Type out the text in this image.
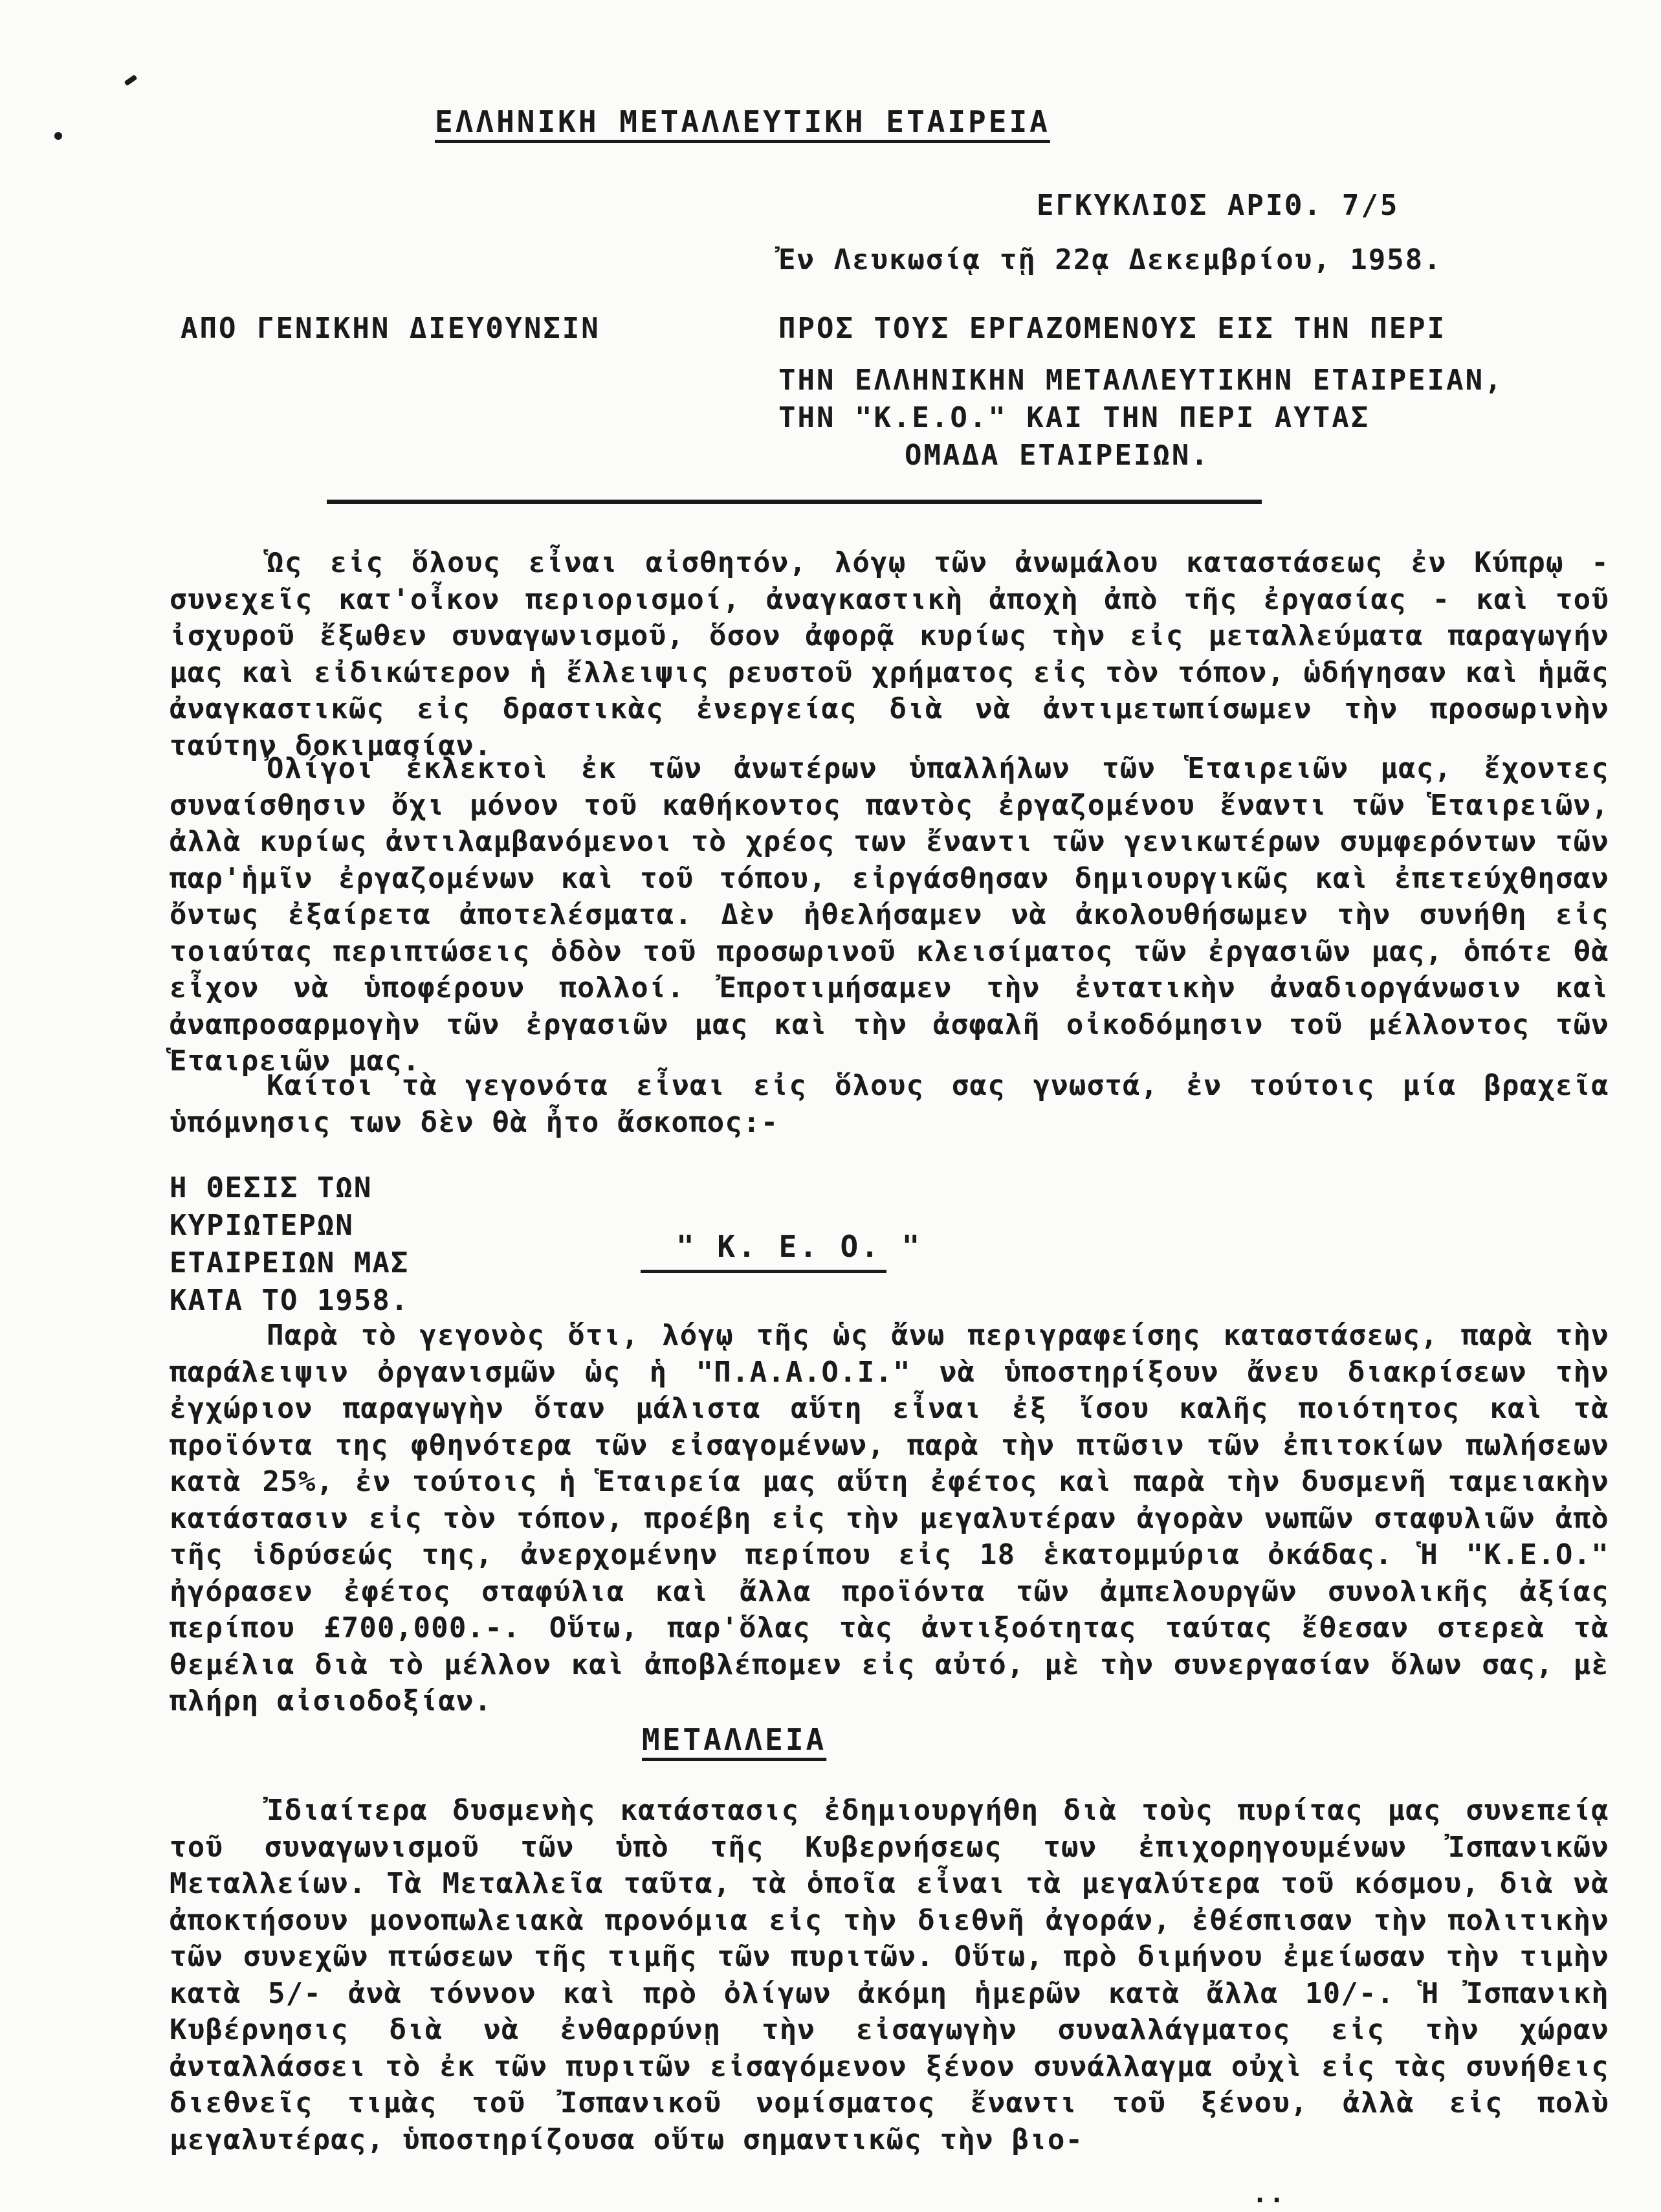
ΕΛΛΗΝΙΚΗ ΜΕΤΑΛΛΕΥΤΙΚΗ ΕΤΑΙΡΕΙΑ
ΕΓΚΥΚΛΙΟΣ ΑΡΙΘ. 7/5
Ἐν Λευκωσίᾳ τῇ 22ᾳ Δεκεμβρίου, 1958.
ΑΠΟ ΓΕΝΙΚΗΝ ΔΙΕΥΘΥΝΣΙΝ	ΠΡΟΣ ΤΟΥΣ ΕΡΓΑΖΟΜΕΝΟΥΣ ΕΙΣ ΤΗΝ ΠΕΡΙ
ΤΗΝ ΕΛΛΗΝΙΚΗΝ ΜΕΤΑΛΛΕΥΤΙΚΗΝ ΕΤΑΙΡΕΙΑΝ,
ΤΗΝ "Κ.Ε.Ο." ΚΑΙ ΤΗΝ ΠΕΡΙ ΑΥΤΑΣ
ΟΜΑΔΑ ΕΤΑΙΡΕΙΩΝ.
Ὡς εἰς ὅλους εἶναι αἰσθητόν, λόγῳ τῶν ἀνωμάλου καταστάσεως ἐν Κύπρῳ - συνεχεῖς κατ'οἶκον περιορισμοί, ἀναγκαστικὴ ἀποχὴ ἀπὸ τῆς ἐργασίας - καὶ τοῦ ἰσχυροῦ ἔξωθεν συναγωνισμοῦ, ὅσον ἀφορᾷ κυρίως τὴν εἰς μεταλλεύματα παραγωγήν μας καὶ εἰδικώτερον ἡ ἔλλειψις ρευστοῦ χρήματος εἰς τὸν τόπον, ὡδήγησαν καὶ ἡμᾶς ἀναγκαστικῶς εἰς δραστικὰς ἐνεργείας διὰ νὰ ἀντιμετωπίσωμεν τὴν προσωρινὴν ταύτην δοκιμασίαν.
Ὀλίγοι ἐκλεκτοὶ ἐκ τῶν ἀνωτέρων ὑπαλλήλων τῶν Ἑταιρειῶν μας, ἔχοντες συναίσθησιν ὄχι μόνον τοῦ καθήκοντος παντὸς ἐργαζομένου ἔναντι τῶν Ἑταιρειῶν, ἀλλὰ κυρίως ἀντιλαμβανόμενοι τὸ χρέος των ἔναντι τῶν γενικωτέρων συμφερόντων τῶν παρ'ἡμῖν ἐργαζομένων καὶ τοῦ τόπου, εἰργάσθησαν δημιουργικῶς καὶ ἐπετεύχθησαν ὄντως ἐξαίρετα ἀποτελέσματα. Δὲν ἠθελήσαμεν νὰ ἀκολουθήσωμεν τὴν συνήθη εἰς τοιαύτας περιπτώσεις ὁδὸν τοῦ προσωρινοῦ κλεισίματος τῶν ἐργασιῶν μας, ὁπότε θὰ εἶχον νὰ ὑποφέρουν πολλοί. Ἐπροτιμήσαμεν τὴν ἐντατικὴν ἀναδιοργάνωσιν καὶ ἀναπροσαρμογὴν τῶν ἐργασιῶν μας καὶ τὴν ἀσφαλῆ οἰκοδόμησιν τοῦ μέλλοντος τῶν Ἑταιρειῶν μας.
Καίτοι τὰ γεγονότα εἶναι εἰς ὅλους σας γνωστά, ἐν τούτοις μία βραχεῖα ὑπόμνησις των δὲν θὰ ἦτο ἄσκοπος:-
Η ΘΕΣΙΣ ΤΩΝ
ΚΥΡΙΩΤΕΡΩΝ
ΕΤΑΙΡΕΙΩΝ ΜΑΣ
ΚΑΤΑ ΤΟ 1958.
" Κ. Ε. Ο. "
Παρὰ τὸ γεγονὸς ὅτι, λόγῳ τῆς ὡς ἄνω περιγραφείσης καταστάσεως, παρὰ τὴν παράλειψιν ὀργανισμῶν ὡς ἡ "Π.Α.Α.Ο.Ι." νὰ ὑποστηρίξουν ἄνευ διακρίσεων τὴν ἐγχώριον παραγωγὴν ὅταν μάλιστα αὕτη εἶναι ἐξ ἴσου καλῆς ποιότητος καὶ τὰ προϊόντα της φθηνότερα τῶν εἰσαγομένων, παρὰ τὴν πτῶσιν τῶν ἐπιτοκίων πωλήσεων κατὰ 25%, ἐν τούτοις ἡ Ἑταιρεία μας αὕτη ἐφέτος καὶ παρὰ τὴν δυσμενῆ ταμειακὴν κατάστασιν εἰς τὸν τόπον, προέβη εἰς τὴν μεγαλυτέραν ἀγορὰν νωπῶν σταφυλιῶν ἀπὸ τῆς ἱδρύσεώς της, ἀνερχομένην περίπου εἰς 18 ἑκατομμύρια ὀκάδας. Ἡ "Κ.Ε.Ο." ἠγόρασεν ἐφέτος σταφύλια καὶ ἄλλα προϊόντα τῶν ἀμπελουργῶν συνολικῆς ἀξίας περίπου £700,000.-. Οὕτω, παρ'ὅλας τὰς ἀντιξοότητας ταύτας ἔθεσαν στερεὰ τὰ θεμέλια διὰ τὸ μέλλον καὶ ἀποβλέπομεν εἰς αὐτό, μὲ τὴν συνεργασίαν ὅλων σας, μὲ πλήρη αἰσιοδοξίαν.
ΜΕΤΑΛΛΕΙΑ
Ἰδιαίτερα δυσμενὴς κατάστασις ἐδημιουργήθη διὰ τοὺς πυρίτας μας συνεπείᾳ τοῦ συναγωνισμοῦ τῶν ὑπὸ τῆς Κυβερνήσεως των ἐπιχορηγουμένων Ἰσπανικῶν Μεταλλείων. Τὰ Μεταλλεῖα ταῦτα, τὰ ὁποῖα εἶναι τὰ μεγαλύτερα τοῦ κόσμου, διὰ νὰ ἀποκτήσουν μονοπωλειακὰ προνόμια εἰς τὴν διεθνῆ ἀγοράν, ἐθέσπισαν τὴν πολιτικὴν τῶν συνεχῶν πτώσεων τῆς τιμῆς τῶν πυριτῶν. Οὕτω, πρὸ διμήνου ἐμείωσαν τὴν τιμὴν κατὰ 5/- ἀνὰ τόννον καὶ πρὸ ὀλίγων ἀκόμη ἡμερῶν κατὰ ἄλλα 10/-. Ἡ Ἰσπανικὴ Κυβέρνησις διὰ νὰ ἐνθαρρύνῃ τὴν εἰσαγωγὴν συναλλάγματος εἰς τὴν χώραν ἀνταλλάσσει τὸ ἐκ τῶν πυριτῶν εἰσαγόμενον ξένον συνάλλαγμα οὐχὶ εἰς τὰς συνήθεις διεθνεῖς τιμὰς τοῦ Ἰσπανικοῦ νομίσματος ἔναντι τοῦ ξένου, ἀλλὰ εἰς πολὺ μεγαλυτέρας, ὑποστηρίζουσα οὕτω σημαντικῶς τὴν βιο-
..
